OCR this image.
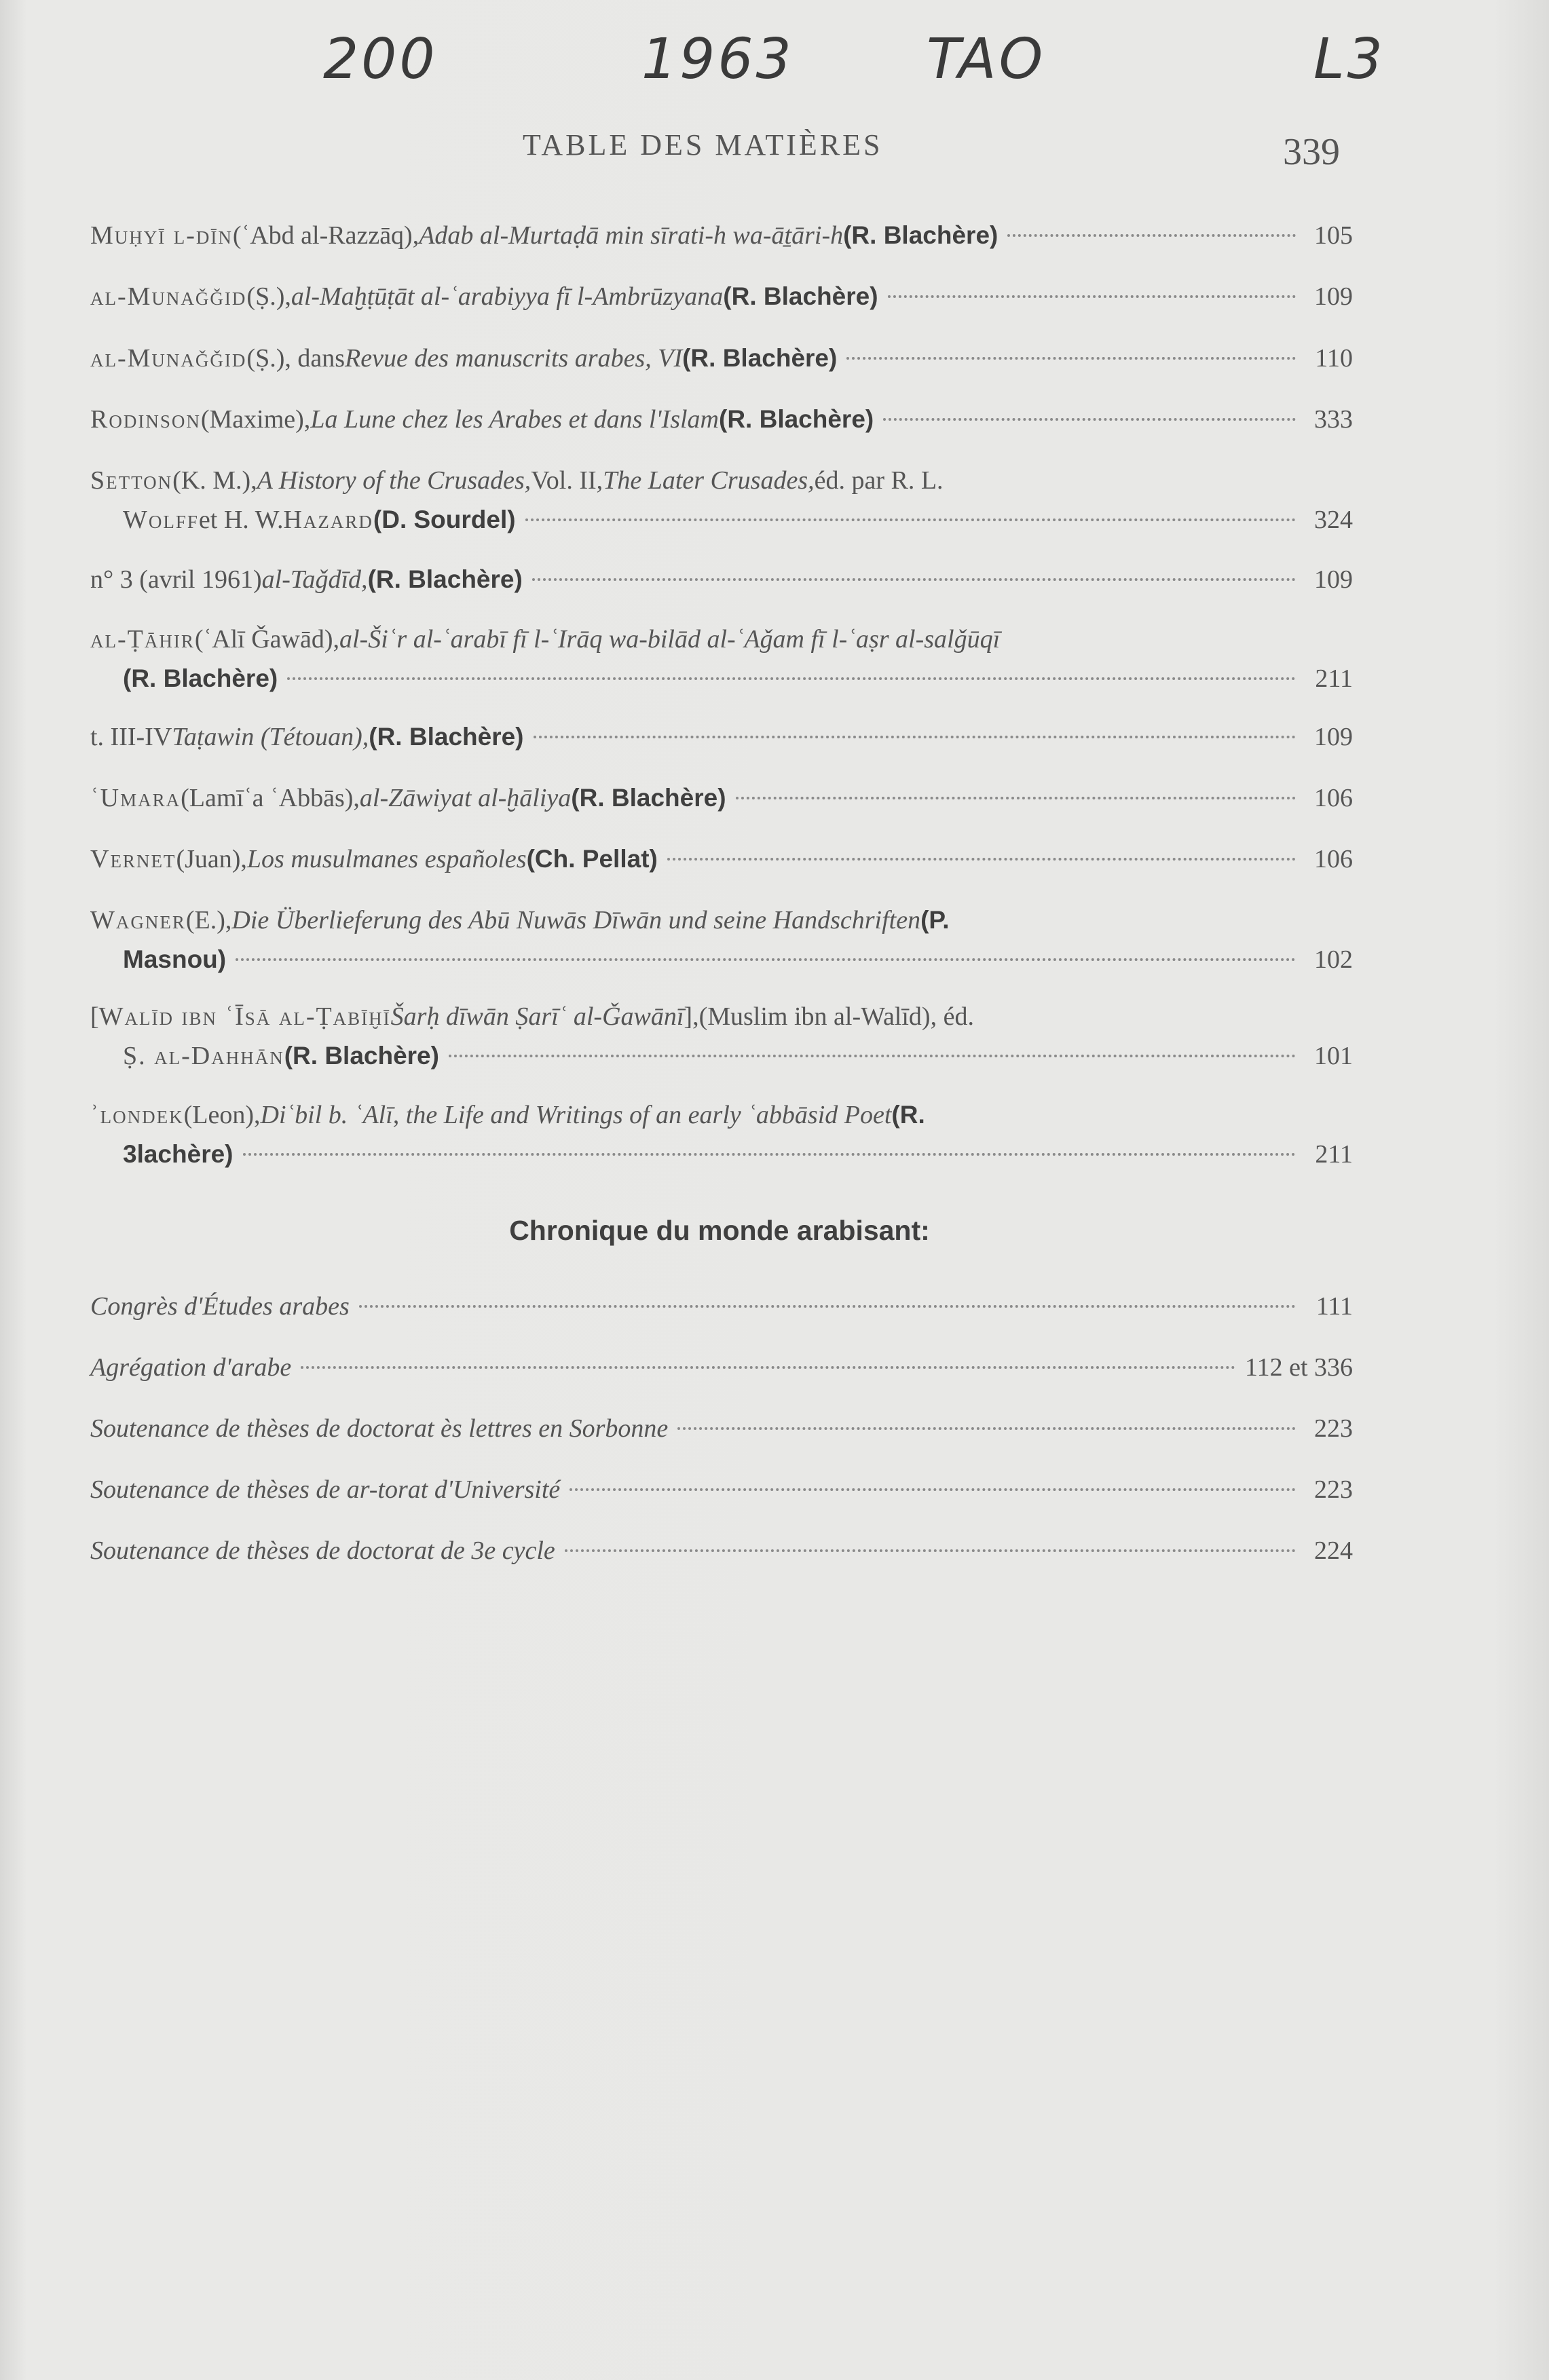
200	1963 TAO	L3
TABLE DES MATIÈRES	339
Muḥyī l-dīn (ʿAbd al-Razzāq), Adab al-Murtaḍā min sīrati-h wa-āṯāri-h (R. Blachère)	105
al-Munaǧǧid (Ṣ.), al-Maḫṭūṭāt al-ʿarabiyya fī l-Ambrūzyana (R. Blachère)	109
al-Munaǧǧid (Ṣ.), dans Revue des manuscrits arabes, VI (R. Blachère)	110
Rodinson (Maxime), La Lune chez les Arabes et dans l'Islam (R. Blachère)	333
Setton (K. M.), A History of the Crusades, Vol. II, The Later Crusades, éd. par R. L.
Wolff et H. W. Hazard (D. Sourdel)	324
n° 3 (avril 1961) al-Taǧdīd, (R. Blachère)	109
al-Ṭāhir (ʿAlī Ǧawād), al-Šiʿr al-ʿarabī fī l-ʿIrāq wa-bilād al-ʿAǧam fī l-ʿaṣr al-salǧūqī
(R. Blachère)	211
t. III-IV Taṭawin (Tétouan), (R. Blachère)	109
ʿUmara (Lamīʿa ʿAbbās), al-Zāwiyat al-ḫāliya (R. Blachère)	106
Vernet (Juan), Los musulmanes españoles (Ch. Pellat)	106
Wagner (E.), Die Überlieferung des Abū Nuwās Dīwān und seine Handschriften (P.
Masnou)	102
[ Walīd ibn ʿĪsā al-Ṭabīḫī Šarḥ dīwān Ṣarīʿ al-Ǧawānī ], (Muslim ibn al-Walīd), éd.
Ṣ. al-Dahhān (R. Blachère)	101
ʾlondek (Leon), Diʿbil b. ʿAlī, the Life and Writings of an early ʿabbāsid Poet (R.
3lachère)	211
Chronique du monde arabisant:
Congrès d'Études arabes	111
Agrégation d'arabe	112 et 336
Soutenance de thèses de doctorat ès lettres en Sorbonne	223
Soutenance de thèses de ar-torat d'Université	223
Soutenance de thèses de doctorat de 3e cycle	224
